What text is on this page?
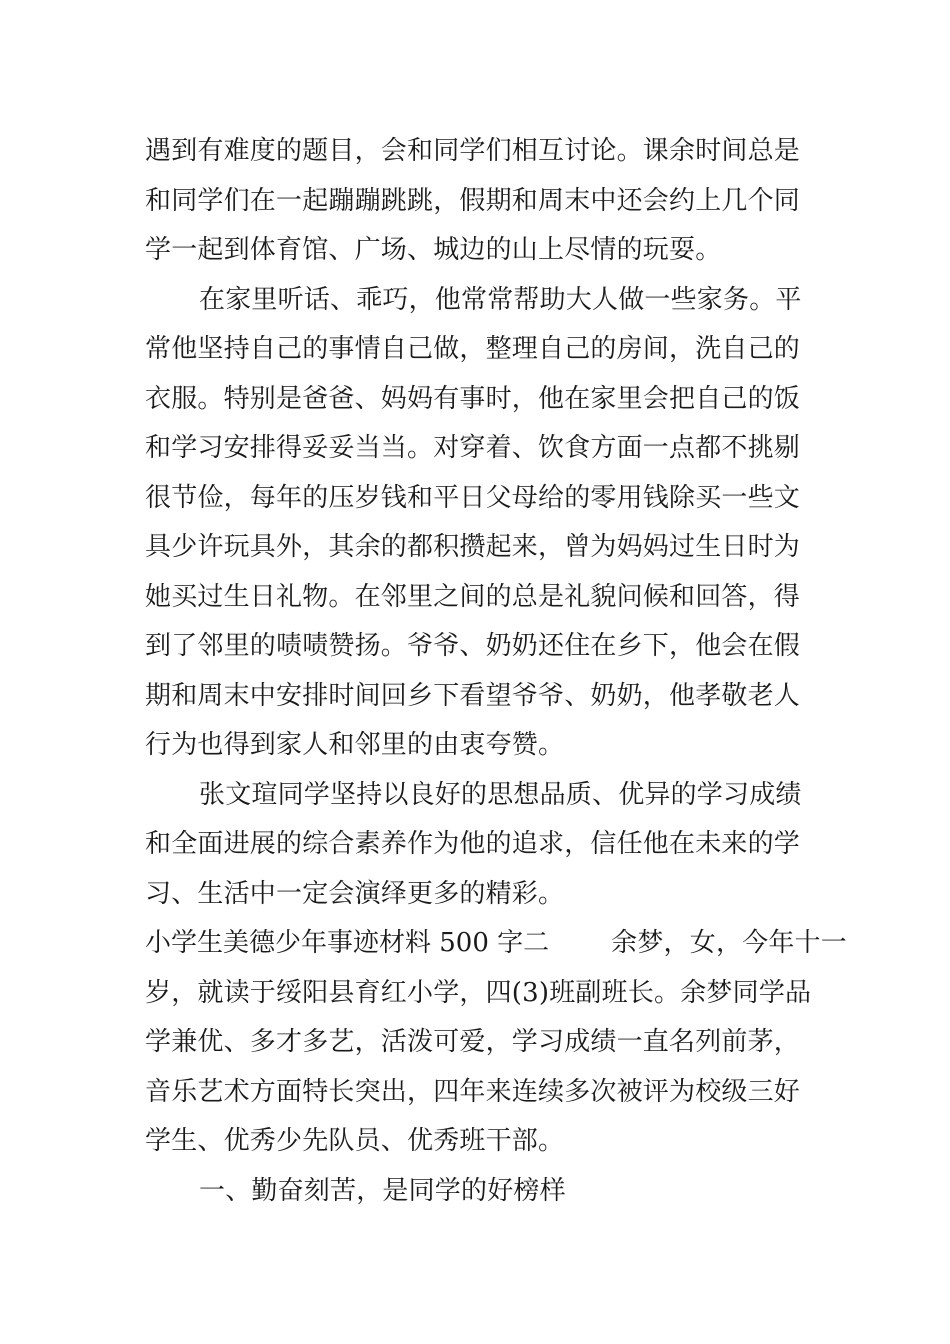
遇到有难度的题目，会和同学们相互讨论。课余时间总是
和同学们在一起蹦蹦跳跳，假期和周末中还会约上几个同
学一起到体育馆、广场、城边的山上尽情的玩耍。
在家里听话、乖巧，他常常帮助大人做一些家务。平
常他坚持自己的事情自己做，整理自己的房间，洗自己的
衣服。特别是爸爸、妈妈有事时，他在家里会把自己的饭
和学习安排得妥妥当当。对穿着、饮食方面一点都不挑剔
很节俭，每年的压岁钱和平日父母给的零用钱除买一些文
具少许玩具外，其余的都积攒起来，曾为妈妈过生日时为
她买过生日礼物。在邻里之间的总是礼貌问候和回答，得
到了邻里的啧啧赞扬。爷爷、奶奶还住在乡下，他会在假
期和周末中安排时间回乡下看望爷爷、奶奶，他孝敬老人
行为也得到家人和邻里的由衷夸赞。
张文瑄同学坚持以良好的思想品质、优异的学习成绩
和全面进展的综合素养作为他的追求，信任他在未来的学
习、生活中一定会演绎更多的精彩。
小学生美德少年事迹材料 500 字二 余梦，女，今年十一
岁，就读于绥阳县育红小学，四(3)班副班长。余梦同学品
学兼优、多才多艺，活泼可爱，学习成绩一直名列前茅，
音乐艺术方面特长突出，四年来连续多次被评为校级三好
学生、优秀少先队员、优秀班干部。
一、勤奋刻苦，是同学的好榜样
